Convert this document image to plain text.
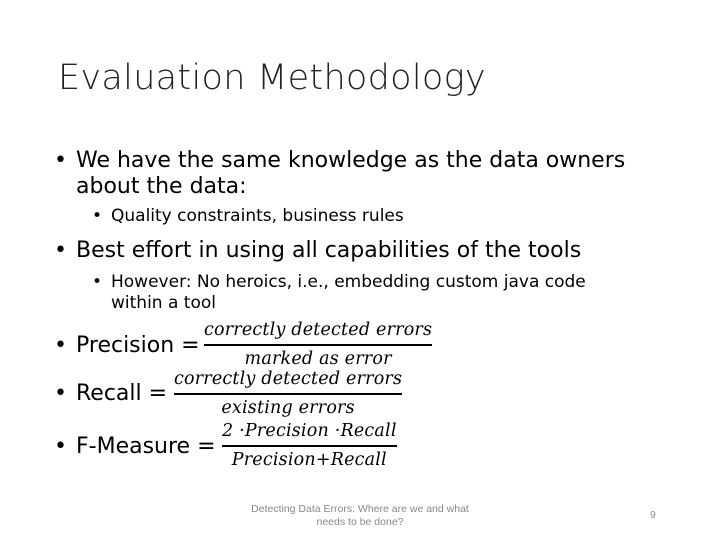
Evaluation Methodology
• We have the same knowledge as the data owners
about the data:
• Quality constraints, business rules
• Best effort in using all capabilities of the tools
• However: No heroics, i.e., embedding custom java code
within a tool
• Precision =
correctly detected errors
marked as error
• Recall =
correctly detected errors
existing errors
• F-Measure =
2 ·Precision ·Recall
Precision+Recall
Detecting Data Errors: Where are we and what needs to be done?
9
